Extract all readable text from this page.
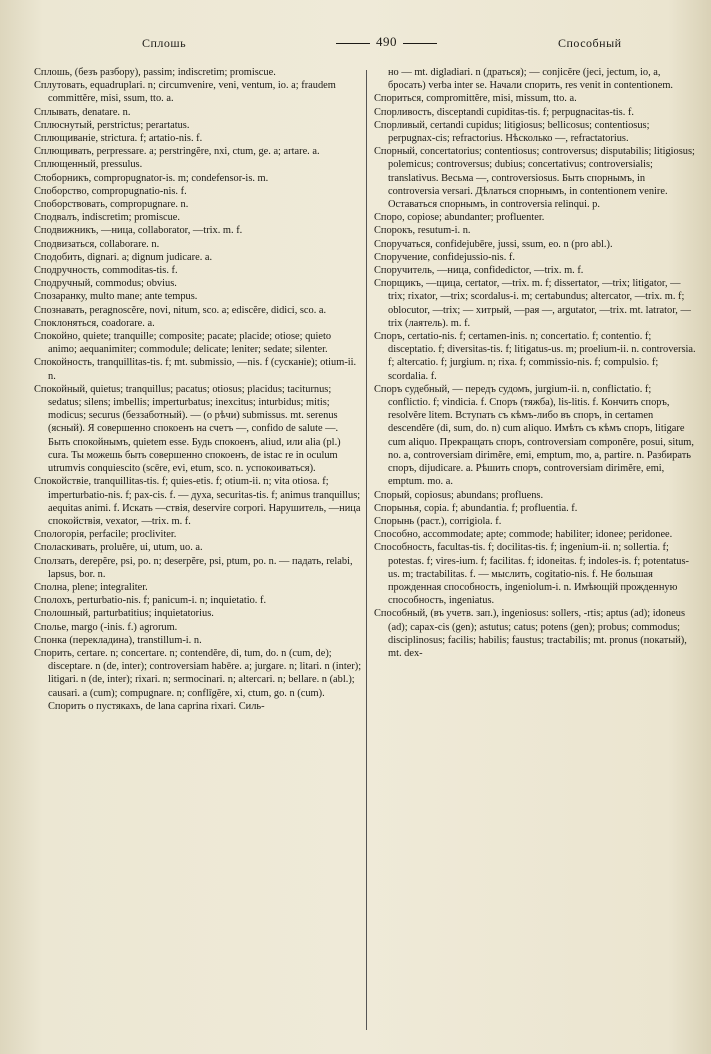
Сплошь	490	Способный
Сплошь, (безъ разбору), passim; indiscretim; promiscue.
Сплутовать, equadruplari. n; circumvenire, veni, ventum, io. a; fraudem committĕre, misi, ssum, tto. a.
Сплывать, denatare. n.
Сплюснутый, perstrictus; perartatus.
Сплющиванiе, strictura. f; artatio-nis. f.
Сплющивать, perpressare. a; perstringĕre, nxi, ctum, ge. a; artare. a.
Сплющенный, pressulus.
Сποборникъ, compropugnator-is. m; condefensor-is. m.
Споборство, compropugnatio-nis. f.
Споборствовать, compropugnare. n.
Сподвалъ, indiscretim; promiscue.
Сподвижникъ, —ница, collaborator, —trix. m. f.
Сподвизаться, collaborare. n.
Сподобить, dignari. a; dignum judicare. a.
Сподручность, commoditas-tis. f.
Сподручный, commodus; obvius.
Спозаранку, multo mane; ante tempus.
Спознавать, peragnoscĕre, novi, nitum, sco. a; ediscĕre, didici, sco. a.
Споклоняться, coadorare. a.
Спокойно, quiete; tranquille; composite; pacate; placide; otiose; quieto animo; aequanimiter; commodule; delicate; leniter; sedate; silenter.
Спокойность, tranquillitas-tis. f; mt. submissio, —nis. f (сусканiе); otium-ii. n.
Спокойный, quietus; tranquillus; pacatus; otiosus; placidus; taciturnus; sedatus; silens; imbellis; imperturbatus; inexcitus; inturbidus; mitis; modicus; securus (беззаботный). — (о рѣчи) submissus. mt. serenus (ясный). Я совершенно спокоенъ на счетъ —, confido de salute —. Быть спокойнымъ, quietem esse. Будь спокоенъ, aliud, или alia (pl.) cura. Ты можешь быть совершенно спокоенъ, de istac re in oculum utrumvis conquiescito (scēre, evi, etum, sco. n. успокоиваться).
Спокойствiе, tranquillitas-tis. f; quies-etis. f; otium-ii. n; vita otiosa. f; imperturbatio-nis. f; pax-cis. f. — духа, securitas-tis. f; animus tranquillus; aequitas animi. f. Искать —ствiя, deservire corpori. Нарушитель, —ница спокойствiя, vexator, —trix. m. f.
Спологорiя, perfacile; procliviter.
Споласкивать, proluĕre, ui, utum, uo. a.
Сползать, derepĕre, psi, po. n; deserpĕre, psi, ptum, po. n. — падать, relabi, lapsus, bor. n.
Сполна, plene; integraliter.
Сполохъ, perturbatio-nis. f; panicum-i. n; inquietatio. f.
Сполошный, parturbatitius; inquietatorius.
Сполье, margo (-inis. f.) agrorum.
Спонка (перекладина), transtillum-i. n.
Спорить, certare. n; concertare. n; contendĕre, di, tum, do. n (cum, de); disceptare. n (de, inter); controversiam habēre. a; jurgare. n; litari. n (inter); litigari. n (de, inter); rixari. n; sermocinari. n; altercari. n; bellare. n (abl.); causari. a (cum); compugnare. n; conflīgĕre, xi, ctum, go. n (cum). Спорить о пустякахъ, de lana caprina rixari. Силь-
но — mt. digladiari. n (драться); — conjicĕre (jeci, jectum, io, a, бросать) verba inter se. Начали спорить, res venit in contentionem.
Спориться, compromittĕre, misi, missum, tto. a.
Спорливость, disceptandi cupiditas-tis. f; perpugnacitas-tis. f.
Спорливый, certandi cupidus; litigiosus; bellicosus; contentiosus; perpugnax-cis; refractorius. Нѣсколько —, refractatorius.
Спорный, concertatorius; contentiosus; controversus; disputabilis; litigiosus; polemicus; controversus; dubius; concertativus; controversialis; translativus. Весьма —, controversiosus. Быть спорнымъ, in controversia versari. Дѣлаться спорнымъ, in contentionem venire. Оставаться спорнымъ, in controversia relinqui. p.
Споро, copiose; abundanter; profluenter.
Спорокъ, resutum-i. n.
Споручаться, confidejubēre, jussi, ssum, eo. n (pro abl.).
Споручение, confidejussio-nis. f.
Споручитель, —ница, confidedictor, —trix. m. f.
Спорщикъ, —щица, certator, —trix. m. f; dissertator, —trix; litigator, —trix; rixator, —trix; scordalus-i. m; certabundus; altercator, —trix. m. f; oblocutor, —trix; — хитрый, —рая —, argutator, —trix. mt. latrator, —trix (лаятель). m. f.
Споръ, certatio-nis. f; certamen-inis. n; concertatio. f; contentio. f; disceptatio. f; diversitas-tis. f; litigatus-us. m; proelium-ii. n. controversia. f; altercatio. f; jurgium. n; rixa. f; commissio-nis. f; compulsio. f; scordalia. f.
Споръ судебный, — передъ судомъ, jurgium-ii. n, conflictatio. f; conflictio. f; vindicia. f. Споръ (тяжба), lis-litis. f. Кончить споръ, resolvĕre litem. Вступать съ кѣмъ-либо въ споръ, in certamen descendĕre (di, sum, do. n) cum aliquo. Имѣть съ кѣмъ споръ, litigare cum aliquo. Прекращать споръ, controversiam componĕre, posui, situm, no. a, controversiam dirimĕre, emi, emptum, mo, a, partire. n. Разбирать споръ, dijudicare. a. Рѣшить споръ, controversiam dirimĕre, emi, emptum. mo. a.
Спорый, copiosus; abundans; profluens.
Спорынья, copia. f; abundantia. f; profluentia. f.
Спорынь (раст.), corrigiola. f.
Способно, accommodate; apte; commode; habiliter; idonee; peridonee.
Способность, facultas-tis. f; docilitas-tis. f; ingenium-ii. n; sollertia. f; potestas. f; vires-ium. f; facilitas. f; idoneitas. f; indoles-is. f; potentatus-us. m; tractabilitas. f. — мыслить, cogitatio-nis. f. Не большая прожденная способность, ingeniolum-i. n. Имѣющiй прожденную способность, ingeniatus.
Способный, (въ учетв. зап.), ingeniosus: sollers, -rtis; aptus (ad); idoneus (ad); capax-cis (gen); astutus; catus; potens (gen); probus; commodus; disciplinosus; facilis; habilis; faustus; tractabilis; mt. pronus (покатый), mt. dex-
